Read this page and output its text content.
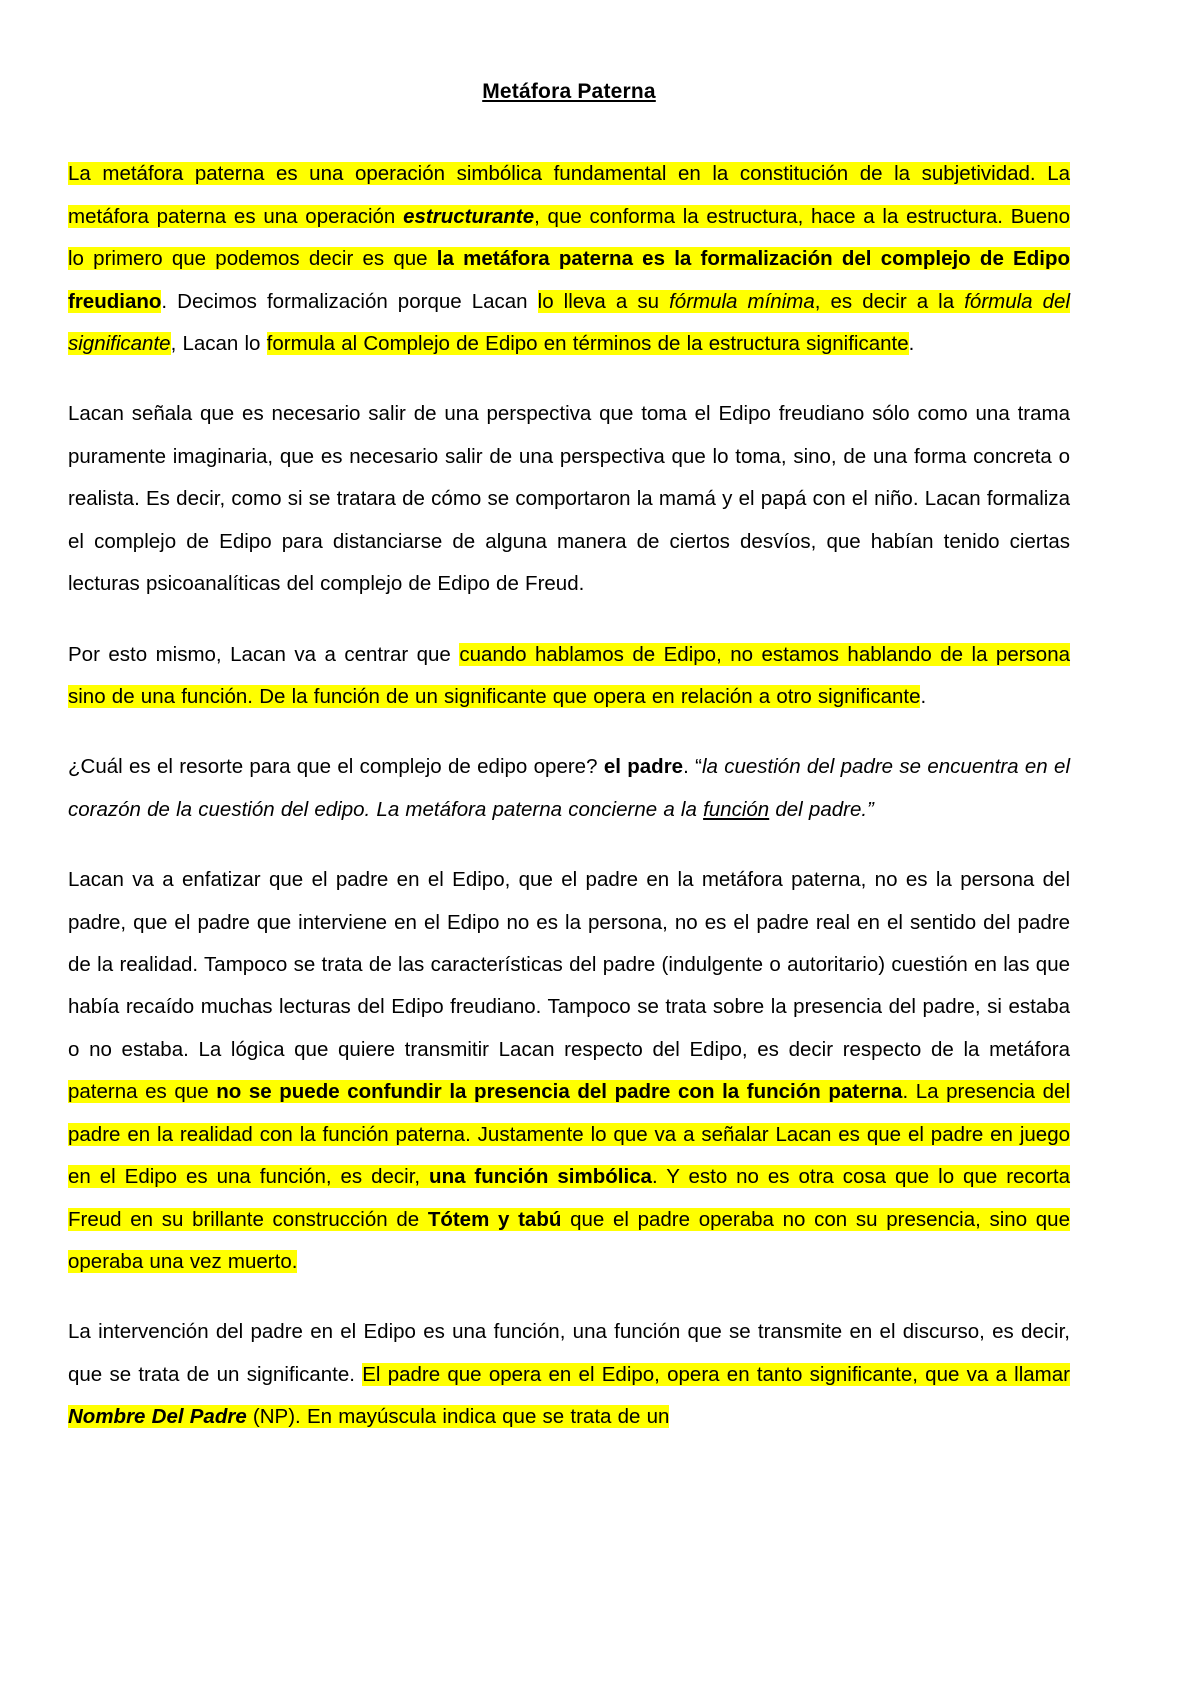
Metáfora Paterna

La metáfora paterna es una operación simbólica fundamental en la constitución de la subjetividad. La metáfora paterna es una operación estructurante, que conforma la estructura, hace a la estructura. Bueno lo primero que podemos decir es que la metáfora paterna es la formalización del complejo de Edipo freudiano. Decimos formalización porque Lacan lo lleva a su fórmula mínima, es decir a la fórmula del significante, Lacan lo formula al Complejo de Edipo en términos de la estructura significante.

Lacan señala que es necesario salir de una perspectiva que toma el Edipo freudiano sólo como una trama puramente imaginaria, que es necesario salir de una perspectiva que lo toma, sino, de una forma concreta o realista. Es decir, como si se tratara de cómo se comportaron la mamá y el papá con el niño. Lacan formaliza el complejo de Edipo para distanciarse de alguna manera de ciertos desvíos, que habían tenido ciertas lecturas psicoanalíticas del complejo de Edipo de Freud.

Por esto mismo, Lacan va a centrar que cuando hablamos de Edipo, no estamos hablando de la persona sino de una función. De la función de un significante que opera en relación a otro significante.

¿Cuál es el resorte para que el complejo de edipo opere? el padre. “la cuestión del padre se encuentra en el corazón de la cuestión del edipo. La metáfora paterna concierne a la función del padre.”

Lacan va a enfatizar que el padre en el Edipo, que el padre en la metáfora paterna, no es la persona del padre, que el padre que interviene en el Edipo no es la persona, no es el padre real en el sentido del padre de la realidad. Tampoco se trata de las características del padre (indulgente o autoritario) cuestión en las que había recaído muchas lecturas del Edipo freudiano. Tampoco se trata sobre la presencia del padre, si estaba o no estaba. La lógica que quiere transmitir Lacan respecto del Edipo, es decir respecto de la metáfora paterna es que no se puede confundir la presencia del padre con la función paterna. La presencia del padre en la realidad con la función paterna. Justamente lo que va a señalar Lacan es que el padre en juego en el Edipo es una función, es decir, una función simbólica. Y esto no es otra cosa que lo que recorta Freud en su brillante construcción de Tótem y tabú que el padre operaba no con su presencia, sino que operaba una vez muerto.

La intervención del padre en el Edipo es una función, una función que se transmite en el discurso, es decir, que se trata de un significante. El padre que opera en el Edipo, opera en tanto significante, que va a llamar Nombre Del Padre (NP). En mayúscula indica que se trata de un
